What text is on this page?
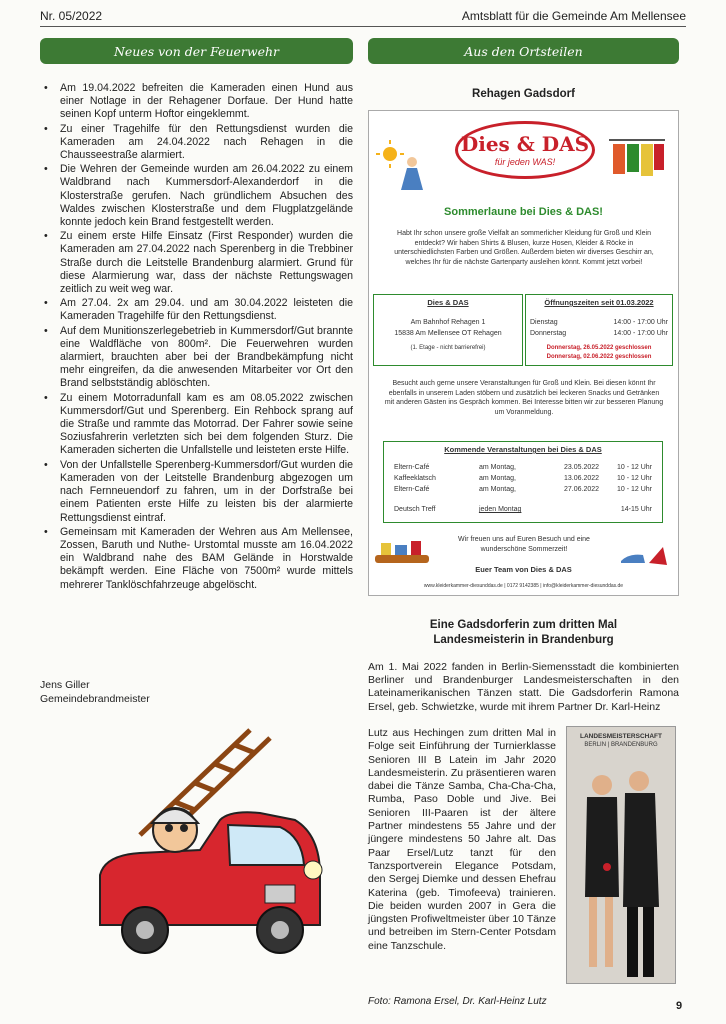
Nr. 05/2022	Amtsblatt für die Gemeinde Am Mellensee
Neues von der Feuerwehr	Aus den Ortsteilen
• Am 19.04.2022 befreiten die Kameraden einen Hund aus einer Notlage in der Rehagener Dorfaue. Der Hund hatte seinen Kopf unterm Hoftor eingeklemmt.
• Zu einer Tragehilfe für den Rettungsdienst wurden die Kameraden am 24.04.2022 nach Rehagen in die Chausseestraße alarmiert.
• Die Wehren der Gemeinde wurden am 26.04.2022 zu einem Waldbrand nach Kummersdorf-Alexanderdorf in die Klosterstraße gerufen. Nach gründlichem Absuchen des Waldes zwischen Klosterstraße und dem Flugplatzgelände konnte jedoch kein Brand festgestellt werden.
• Zu einem erste Hilfe Einsatz (First Responder) wurden die Kameraden am 27.04.2022 nach Sperenberg in die Trebbiner Straße durch die Leitstelle Brandenburg alarmiert. Grund für diese Alarmierung war, dass der nächste Rettungswagen zeitlich zu weit weg war.
• Am 27.04. 2x am 29.04. und am 30.04.2022 leisteten die Kameraden Tragehilfe für den Rettungsdienst.
• Auf dem Munitionszerlegebetrieb in Kummersdorf/Gut brannte eine Waldfläche von 800m². Die Feuerwehren wurden alarmiert, brauchten aber bei der Brandbekämpfung nicht mehr eingreifen, da die anwesenden Mitarbeiter vor Ort den Brand selbstständig ablöschten.
• Zu einem Motorradunfall kam es am 08.05.2022 zwischen Kummersdorf/Gut und Sperenberg. Ein Rehbock sprang auf die Straße und rammte das Motorrad. Der Fahrer sowie seine Soziusfahrerin verletzten sich bei dem folgenden Sturz. Die Kameraden sicherten die Unfallstelle und leisteten erste Hilfe.
• Von der Unfallstelle Sperenberg-Kummersdorf/Gut wurden die Kameraden von der Leitstelle Brandenburg abgezogen um nach Fernneuendorf zu fahren, um in der Dorfstraße bei einem Patienten erste Hilfe zu leisten bis der alarmierte Rettungsdienst eintraf.
• Gemeinsam mit Kameraden der Wehren aus Am Mellensee, Zossen, Baruth und Nuthe- Urstomtal musste am 16.04.2022 ein Waldbrand nahe des BAM Gelände in Horstwalde bekämpft werden. Eine Fläche von 7500m² wurde mittels mehrerer Tanklöschfahrzeuge abgelöscht.
Jens Giller
Gemeindebrandmeister
Rehagen Gadsdorf
Dies & DAS
für jeden WAS!
Sommerlaune bei Dies & DAS!

Habt Ihr schon unsere große Vielfalt an sommerlicher Kleidung für Groß und Klein entdeckt? Wir haben Shirts & Blusen, kurze Hosen, Kleider & Röcke in unterschiedlichsten Farben und Größen. Außerdem bieten wir diverses Geschirr an, welches Ihr für die nächste Gartenparty ausleihen könnt. Kommt jetzt vorbei!

Dies & DAS
Am Bahnhof Rehagen 1
15838 Am Mellensee OT Rehagen
(1. Etage - nicht barrierefrei)
Öffnungszeiten seit 01.03.2022
Dienstag	14:00 - 17:00 Uhr
Donnerstag	14:00 - 17:00 Uhr
Donnerstag, 26.05.2022 geschlossen
Donnerstag, 02.06.2022 geschlossen

Besucht auch gerne unsere Veranstaltungen für Groß und Klein. Bei diesen könnt Ihr ebenfalls in unserem Laden stöbern und zusätzlich bei leckeren Snacks und Getränken mit anderen Gästen ins Gespräch kommen. Bei Interesse bitten wir zur besseren Planung um Voranmeldung.

Kommende Veranstaltungen bei Dies & DAS
Eltern-Café	am Montag,	23.05.2022	10 - 12 Uhr
Kaffeeklatsch	am Montag,	13.06.2022	10 - 12 Uhr
Eltern-Café	am Montag,	27.06.2022	10 - 12 Uhr
Deutsch Treff	jeden Montag	14-15 Uhr

Wir freuen uns auf Euren Besuch und eine

wunderschöne Sommerzeit!

Euer Team von Dies & DAS
www.kleiderkammer-diesunddas.de | 0172 9142385 | info@kleiderkammer-diesunddas.de
Eine Gadsdorferin zum dritten Mal
Landesmeisterin in Brandenburg
Am 1. Mai 2022 fanden in Berlin-Siemensstadt die kombinierten Berliner und Brandenburger Landesmeisterschaften in den Lateinamerikanischen Tänzen statt. Die Gadsdorferin Ramona Ersel, geb. Schwietzke, wurde mit ihrem Partner Dr. Karl-Heinz
Lutz aus Hechingen zum dritten Mal in Folge seit Einführung der Turnierklasse Senioren III B Latein im Jahr 2020 Landesmeisterin. Zu präsentieren waren dabei die Tänze Samba, Cha-Cha-Cha, Rumba, Paso Doble und Jive. Bei Senioren III-Paaren ist der ältere Partner mindestens 55 Jahre und der jüngere mindestens 50 Jahre alt. Das Paar Ersel/Lutz tanzt für den Tanzsportverein Elegance Potsdam, den Sergej Diemke und dessen Ehefrau Katerina (geb. Timofeeva) trainieren. Die beiden wurden 2007 in Gera die jüngsten Profiweltmeister über 10 Tänze und betreiben im Stern-Center Potsdam eine Tanzschule.
LANDESMEISTERSCHAFT
BERLIN | BRANDENBURG
Foto: Ramona Ersel, Dr. Karl-Heinz Lutz	9
